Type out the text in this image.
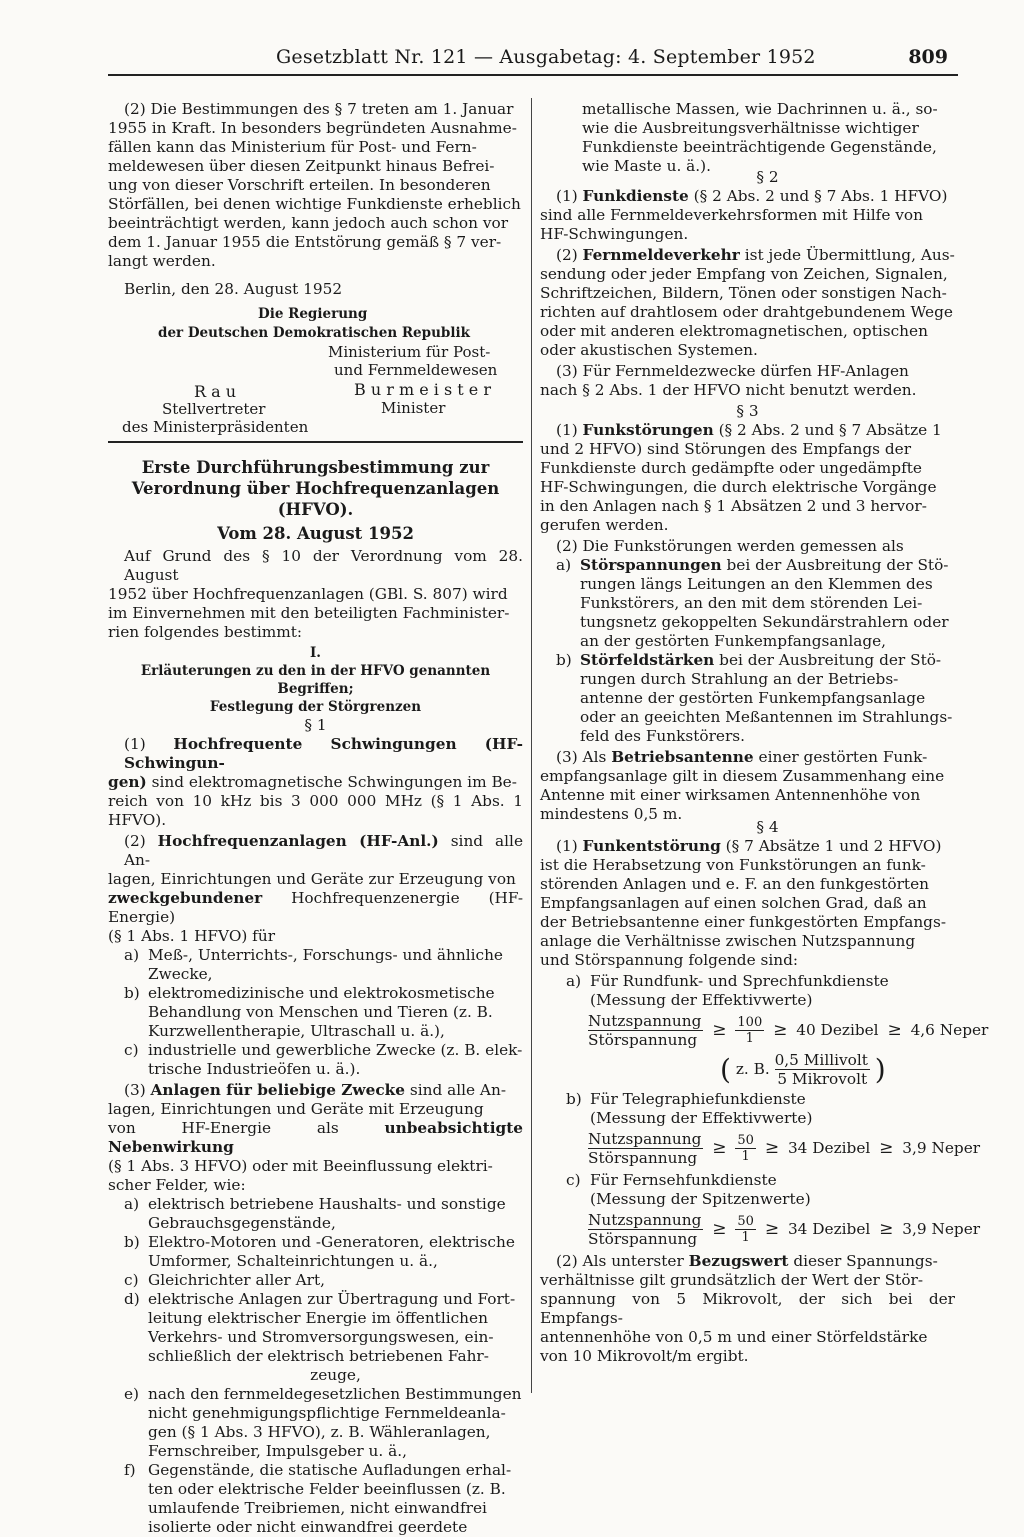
Gesetzblatt Nr. 121 — Ausgabetag: 4. September 1952	809

(2) Die Bestimmungen des § 7 treten am 1. Januar
1955 in Kraft. In besonders begründeten Ausnahme-
fällen kann das Ministerium für Post- und Fern-
meldewesen über diesen Zeitpunkt hinaus Befrei-
ung von dieser Vorschrift erteilen. In besonderen
Störfällen, bei denen wichtige Funkdienste erheblich
beeinträchtigt werden, kann jedoch auch schon vor
dem 1. Januar 1955 die Entstörung gemäß § 7 ver-
langt werden.

Berlin, den 28. August 1952

Die Regierung
der Deutschen Demokratischen Republik
Ministerium für Post-
und Fernmeldewesen
R a u	B u r m e i s t e r
Stellvertreter	Minister
des Ministerpräsidenten
Erste Durchführungsbestimmung zur
Verordnung über Hochfrequenzanlagen (HFVO).
Vom 28. August 1952

Auf Grund des § 10 der Verordnung vom 28. August
1952 über Hochfrequenzanlagen (GBl. S. 807) wird
im Einvernehmen mit den beteiligten Fachminister-
rien folgendes bestimmt:

I.
Erläuterungen zu den in der HFVO genannten Begriffen;
Festlegung der Störgrenzen
§ 1

(1) Hochfrequente Schwingungen (HF-Schwingun-
gen) sind elektromagnetische Schwingungen im Be-
reich von 10 kHz bis 3 000 000 MHz (§ 1 Abs. 1 HFVO).

(2) Hochfrequenzanlagen (HF-Anl.) sind alle An-
lagen, Einrichtungen und Geräte zur Erzeugung von
zweckgebundener Hochfrequenzenergie (HF-Energie)
(§ 1 Abs. 1 HFVO) für

a) Meß-, Unterrichts-, Forschungs- und ähnliche
Zwecke,
b) elektromedizinische und elektrokosmetische
Behandlung von Menschen und Tieren (z. B.
Kurzwellentherapie, Ultraschall u. ä.),
c) industrielle und gewerbliche Zwecke (z. B. elek-
trische Industrieöfen u. ä.).

(3) Anlagen für beliebige Zwecke sind alle An-
lagen, Einrichtungen und Geräte mit Erzeugung
von HF-Energie als unbeabsichtigte Nebenwirkung
(§ 1 Abs. 3 HFVO) oder mit Beeinflussung elektri-
scher Felder, wie:

a) elektrisch betriebene Haushalts- und sonstige
Gebrauchsgegenstände,
b) Elektro-Motoren und -Generatoren, elektrische
Umformer, Schalteinrichtungen u. ä.,
c) Gleichrichter aller Art,
d) elektrische Anlagen zur Übertragung und Fort-
leitung elektrischer Energie im öffentlichen
Verkehrs- und Stromversorgungswesen, ein-
schließlich der elektrisch betriebenen Fahr-
zeuge,
e) nach den fernmeldegesetzlichen Bestimmungen
nicht genehmigungspflichtige Fernmeldeanla-
gen (§ 1 Abs. 3 HFVO), z. B. Wähleranlagen,
Fernschreiber, Impulsgeber u. ä.,
f) Gegenstände, die statische Aufladungen erhal-
ten oder elektrische Felder beeinflussen (z. B.
umlaufende Treibriemen, nicht einwandfrei
isolierte oder nicht einwandfrei geerdete
metallische Massen, wie Dachrinnen u. ä., so-
wie die Ausbreitungsverhältnisse wichtiger
Funkdienste beeinträchtigende Gegenstände,
wie Maste u. ä.).
§ 2

(1) Funkdienste (§ 2 Abs. 2 und § 7 Abs. 1 HFVO)
sind alle Fernmeldeverkehrsformen mit Hilfe von
HF-Schwingungen.

(2) Fernmeldeverkehr ist jede Übermittlung, Aus-
sendung oder jeder Empfang von Zeichen, Signalen,
Schriftzeichen, Bildern, Tönen oder sonstigen Nach-
richten auf drahtlosem oder drahtgebundenem Wege
oder mit anderen elektromagnetischen, optischen
oder akustischen Systemen.

(3) Für Fernmeldezwecke dürfen HF-Anlagen
nach § 2 Abs. 1 der HFVO nicht benutzt werden.

§ 3

(1) Funkstörungen (§ 2 Abs. 2 und § 7 Absätze 1
und 2 HFVO) sind Störungen des Empfangs der
Funkdienste durch gedämpfte oder ungedämpfte
HF-Schwingungen, die durch elektrische Vorgänge
in den Anlagen nach § 1 Absätzen 2 und 3 hervor-
gerufen werden.

(2) Die Funkstörungen werden gemessen als

a) Störspannungen bei der Ausbreitung der Stö-
rungen längs Leitungen an den Klemmen des
Funkstörers, an den mit dem störenden Lei-
tungsnetz gekoppelten Sekundärstrahlern oder
an der gestörten Funkempfangsanlage,
b) Störfeldstärken bei der Ausbreitung der Stö-
rungen durch Strahlung an der Betriebs-
antenne der gestörten Funkempfangsanlage
oder an geeichten Meßantennen im Strahlungs-
feld des Funkstörers.

(3) Als Betriebsantenne einer gestörten Funk-
empfangsanlage gilt in diesem Zusammenhang eine
Antenne mit einer wirksamen Antennenhöhe von
mindestens 0,5 m.

§ 4

(1) Funkentstörung (§ 7 Absätze 1 und 2 HFVO)
ist die Herabsetzung von Funkstörungen an funk-
störenden Anlagen und e. F. an den funkgestörten
Empfangsanlagen auf einen solchen Grad, daß an
der Betriebsantenne einer funkgestörten Empfangs-
anlage die Verhältnisse zwischen Nutzspannung
und Störspannung folgende sind:

a) Für Rundfunk- und Sprechfunkdienste
(Messung der Effektivwerte)
$\frac{\text{Nutzspannung}}{\text{Störspannung}} \ge \frac{100}{1} \ge 40$ Dezibel ≥ 4,6 Neper
( z. B. $\frac{\text{0,5 Millivolt}}{\text{5 Mikrovolt}}$ )
b) Für Telegraphiefunkdienste
(Messung der Effektivwerte)
$\frac{\text{Nutzspannung}}{\text{Störspannung}} \ge \frac{50}{1} \ge 34$ Dezibel ≥ 3,9 Neper
c) Für Fernsehfunkdienste
(Messung der Spitzenwerte)
$\frac{\text{Nutzspannung}}{\text{Störspannung}} \ge \frac{50}{1} \ge 34$ Dezibel ≥ 3,9 Neper

(2) Als unterster Bezugswert dieser Spannungs-
verhältnisse gilt grundsätzlich der Wert der Stör-
spannung von 5 Mikrovolt, der sich bei der Empfangs-
antennenhöhe von 0,5 m und einer Störfeldstärke
von 10 Mikrovolt/m ergibt.
